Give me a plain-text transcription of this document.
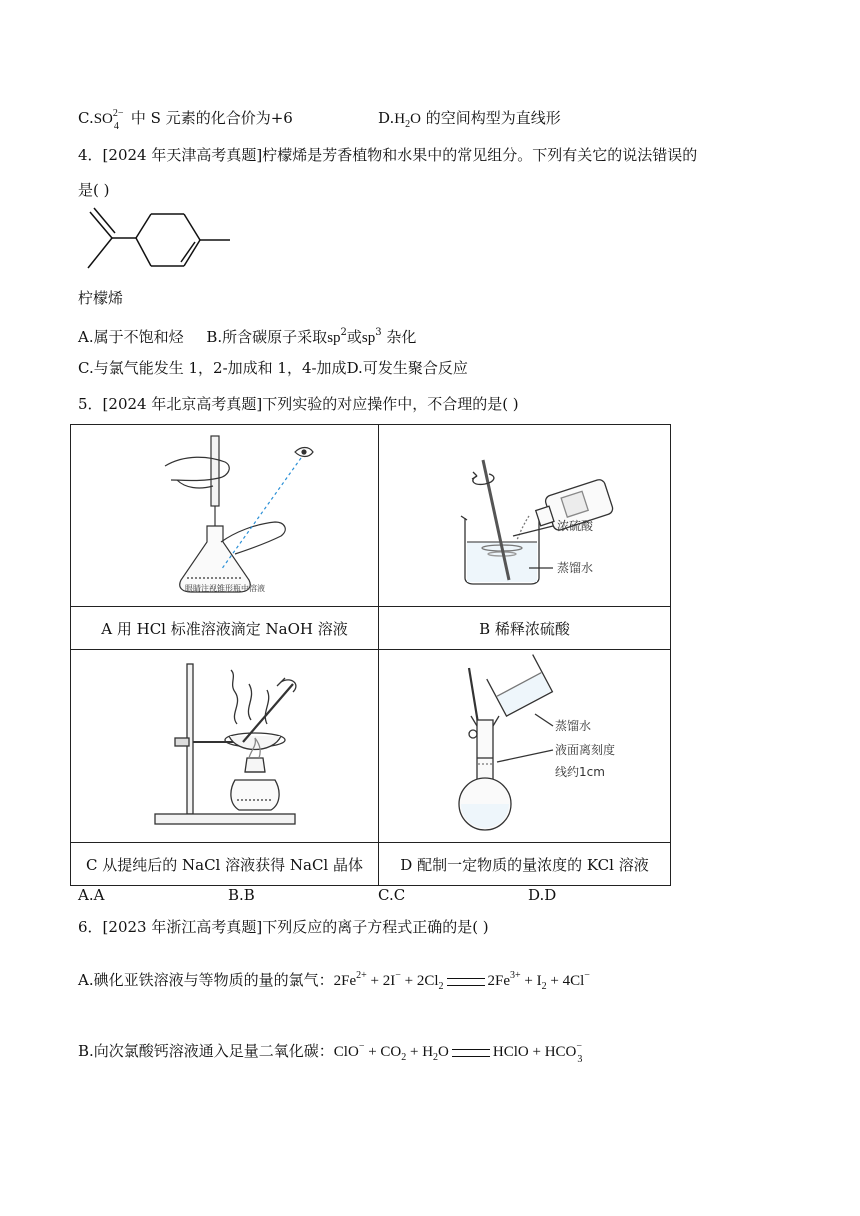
C.SO 2−
4 中 S 元素的化合价为+6	$D.H_2O$ 的空间构型为直线形
4．[2024 年天津高考真题]柠檬烯是芳香植物和水果中的常见组分。下列有关它的说法错误的
是( )
柠檬烯
A.属于不饱和烃 B.所含碳原子采取$sp^2$或$sp^3$ 杂化
C.与氯气能发生 1，2-加成和 1，4-加成D.可发生聚合反应
5．[2024 年北京高考真题]下列实验的对应操作中，不合理的是( )
眼睛注视锥形瓶中溶液	浓硫酸
蒸馏水

A 用 HCl 标准溶液滴定 NaOH 溶液	B 稀释浓硫酸

蒸馏水
液面离刻度
线约1cm

C 从提纯后的 NaCl 溶液获得 NaCl 晶体	D 配制一定物质的量浓度的 KCl 溶液
A.A	B.B	C.C	D.D
6．[2023 年浙江高考真题]下列反应的离子方程式正确的是( )
A.碘化亚铁溶液与等物质的量的氯气：$2Fe^{2+} + 2I^- + 2Cl_2$	$2Fe^{3+} + I_2 + 4Cl^-$
B.向次氯酸钙溶液通入足量二氧化碳：$ClO^- + CO_2 + H_2O$	HClO + HCO −
3
